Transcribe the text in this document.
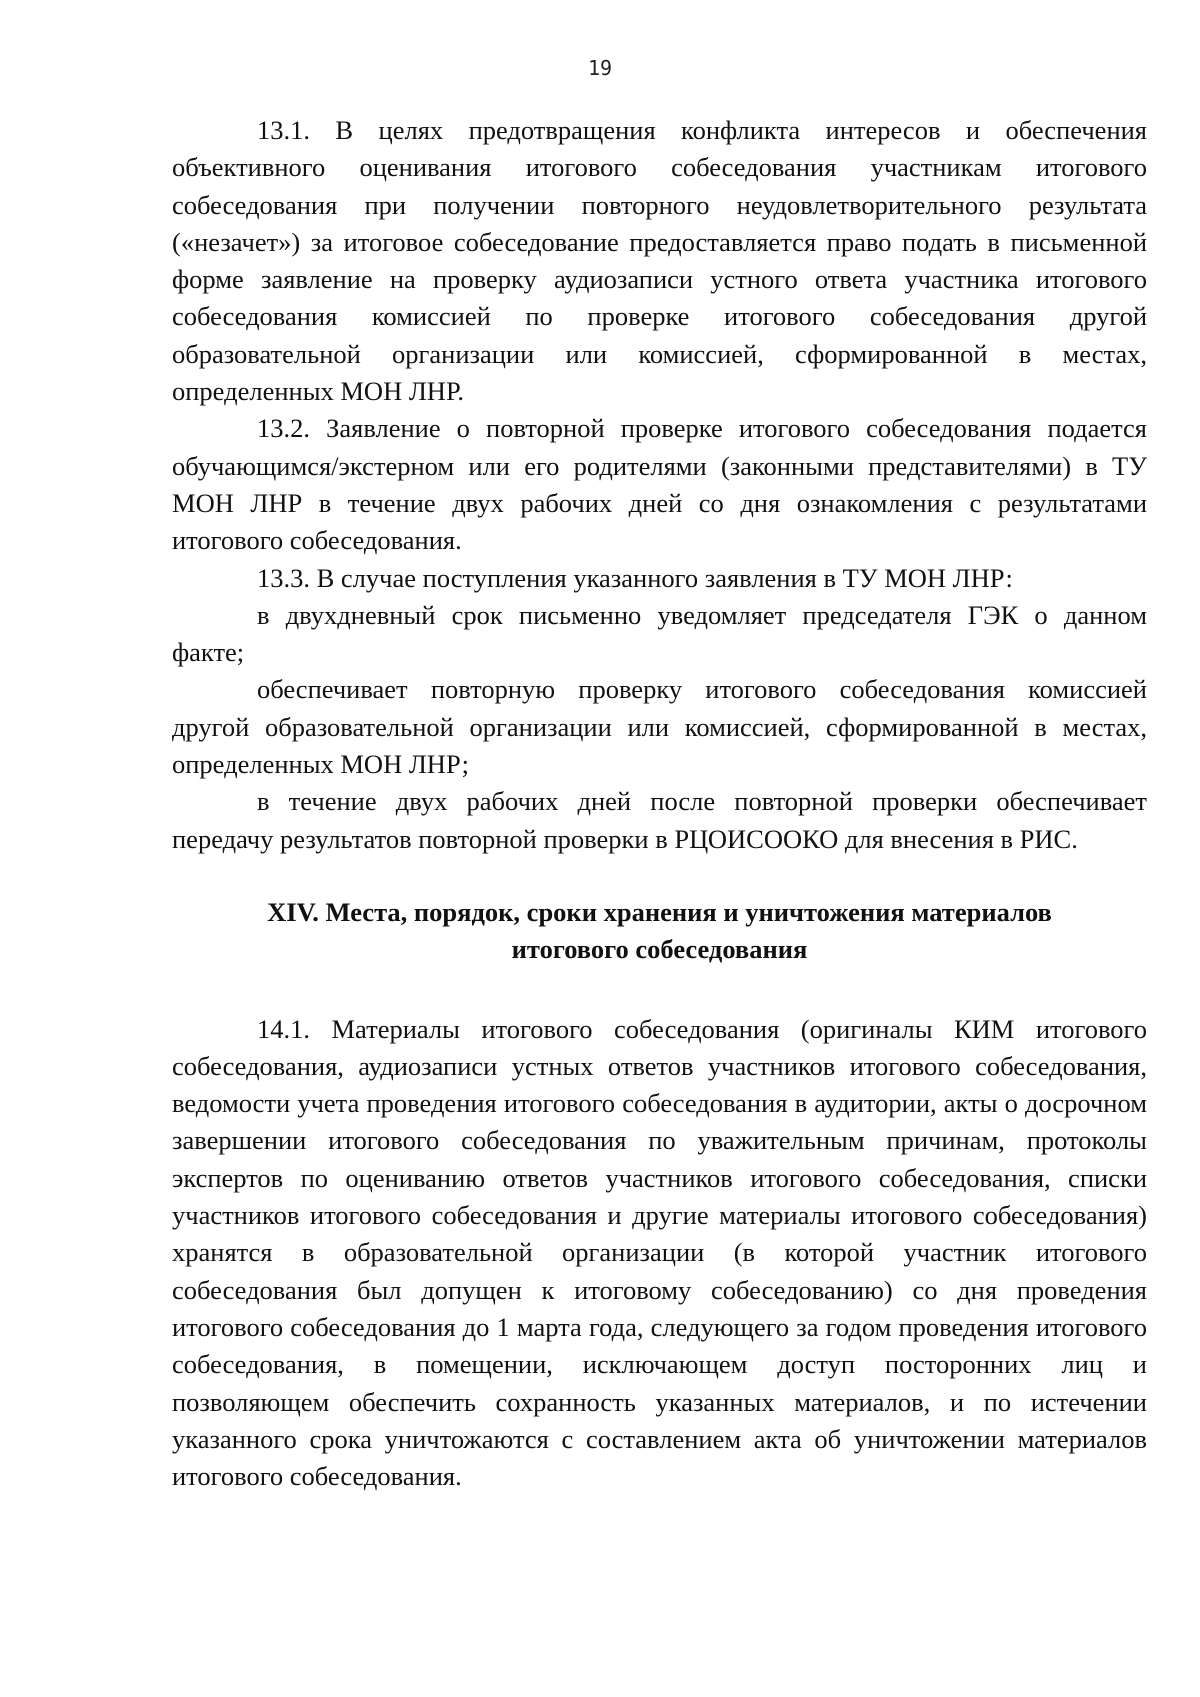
19

13.1. В целях предотвращения конфликта интересов и обеспечения объективного оценивания итогового собеседования участникам итогового собеседования при получении повторного неудовлетворительного результата («незачет») за итоговое собеседование предоставляется право подать в письменной форме заявление на проверку аудиозаписи устного ответа участника итогового собеседования комиссией по проверке итогового собеседования другой образовательной организации или комиссией, сформированной в местах, определенных МОН ЛНР.

13.2. Заявление о повторной проверке итогового собеседования подается обучающимся/экстерном или его родителями (законными представителями) в ТУ МОН ЛНР в течение двух рабочих дней со дня ознакомления с результатами итогового собеседования.

13.3. В случае поступления указанного заявления в ТУ МОН ЛНР:

в двухдневный срок письменно уведомляет председателя ГЭК о данном факте;

обеспечивает повторную проверку итогового собеседования комиссией другой образовательной организации или комиссией, сформированной в местах, определенных МОН ЛНР;

в течение двух рабочих дней после повторной проверки обеспечивает передачу результатов повторной проверки в РЦОИСООКО для внесения в РИС.

XIV. Места, порядок, сроки хранения и уничтожения материалов итогового собеседования

14.1. Материалы итогового собеседования (оригиналы КИМ итогового собеседования, аудиозаписи устных ответов участников итогового собеседования, ведомости учета проведения итогового собеседования в аудитории, акты о досрочном завершении итогового собеседования по уважительным причинам, протоколы экспертов по оцениванию ответов участников итогового собеседования, списки участников итогового собеседования и другие материалы итогового собеседования) хранятся в образовательной организации (в которой участник итогового собеседования был допущен к итоговому собеседованию) со дня проведения итогового собеседования до 1 марта года, следующего за годом проведения итогового собеседования, в помещении, исключающем доступ посторонних лиц и позволяющем обеспечить сохранность указанных материалов, и по истечении указанного срока уничтожаются с составлением акта об уничтожении материалов итогового собеседования.
